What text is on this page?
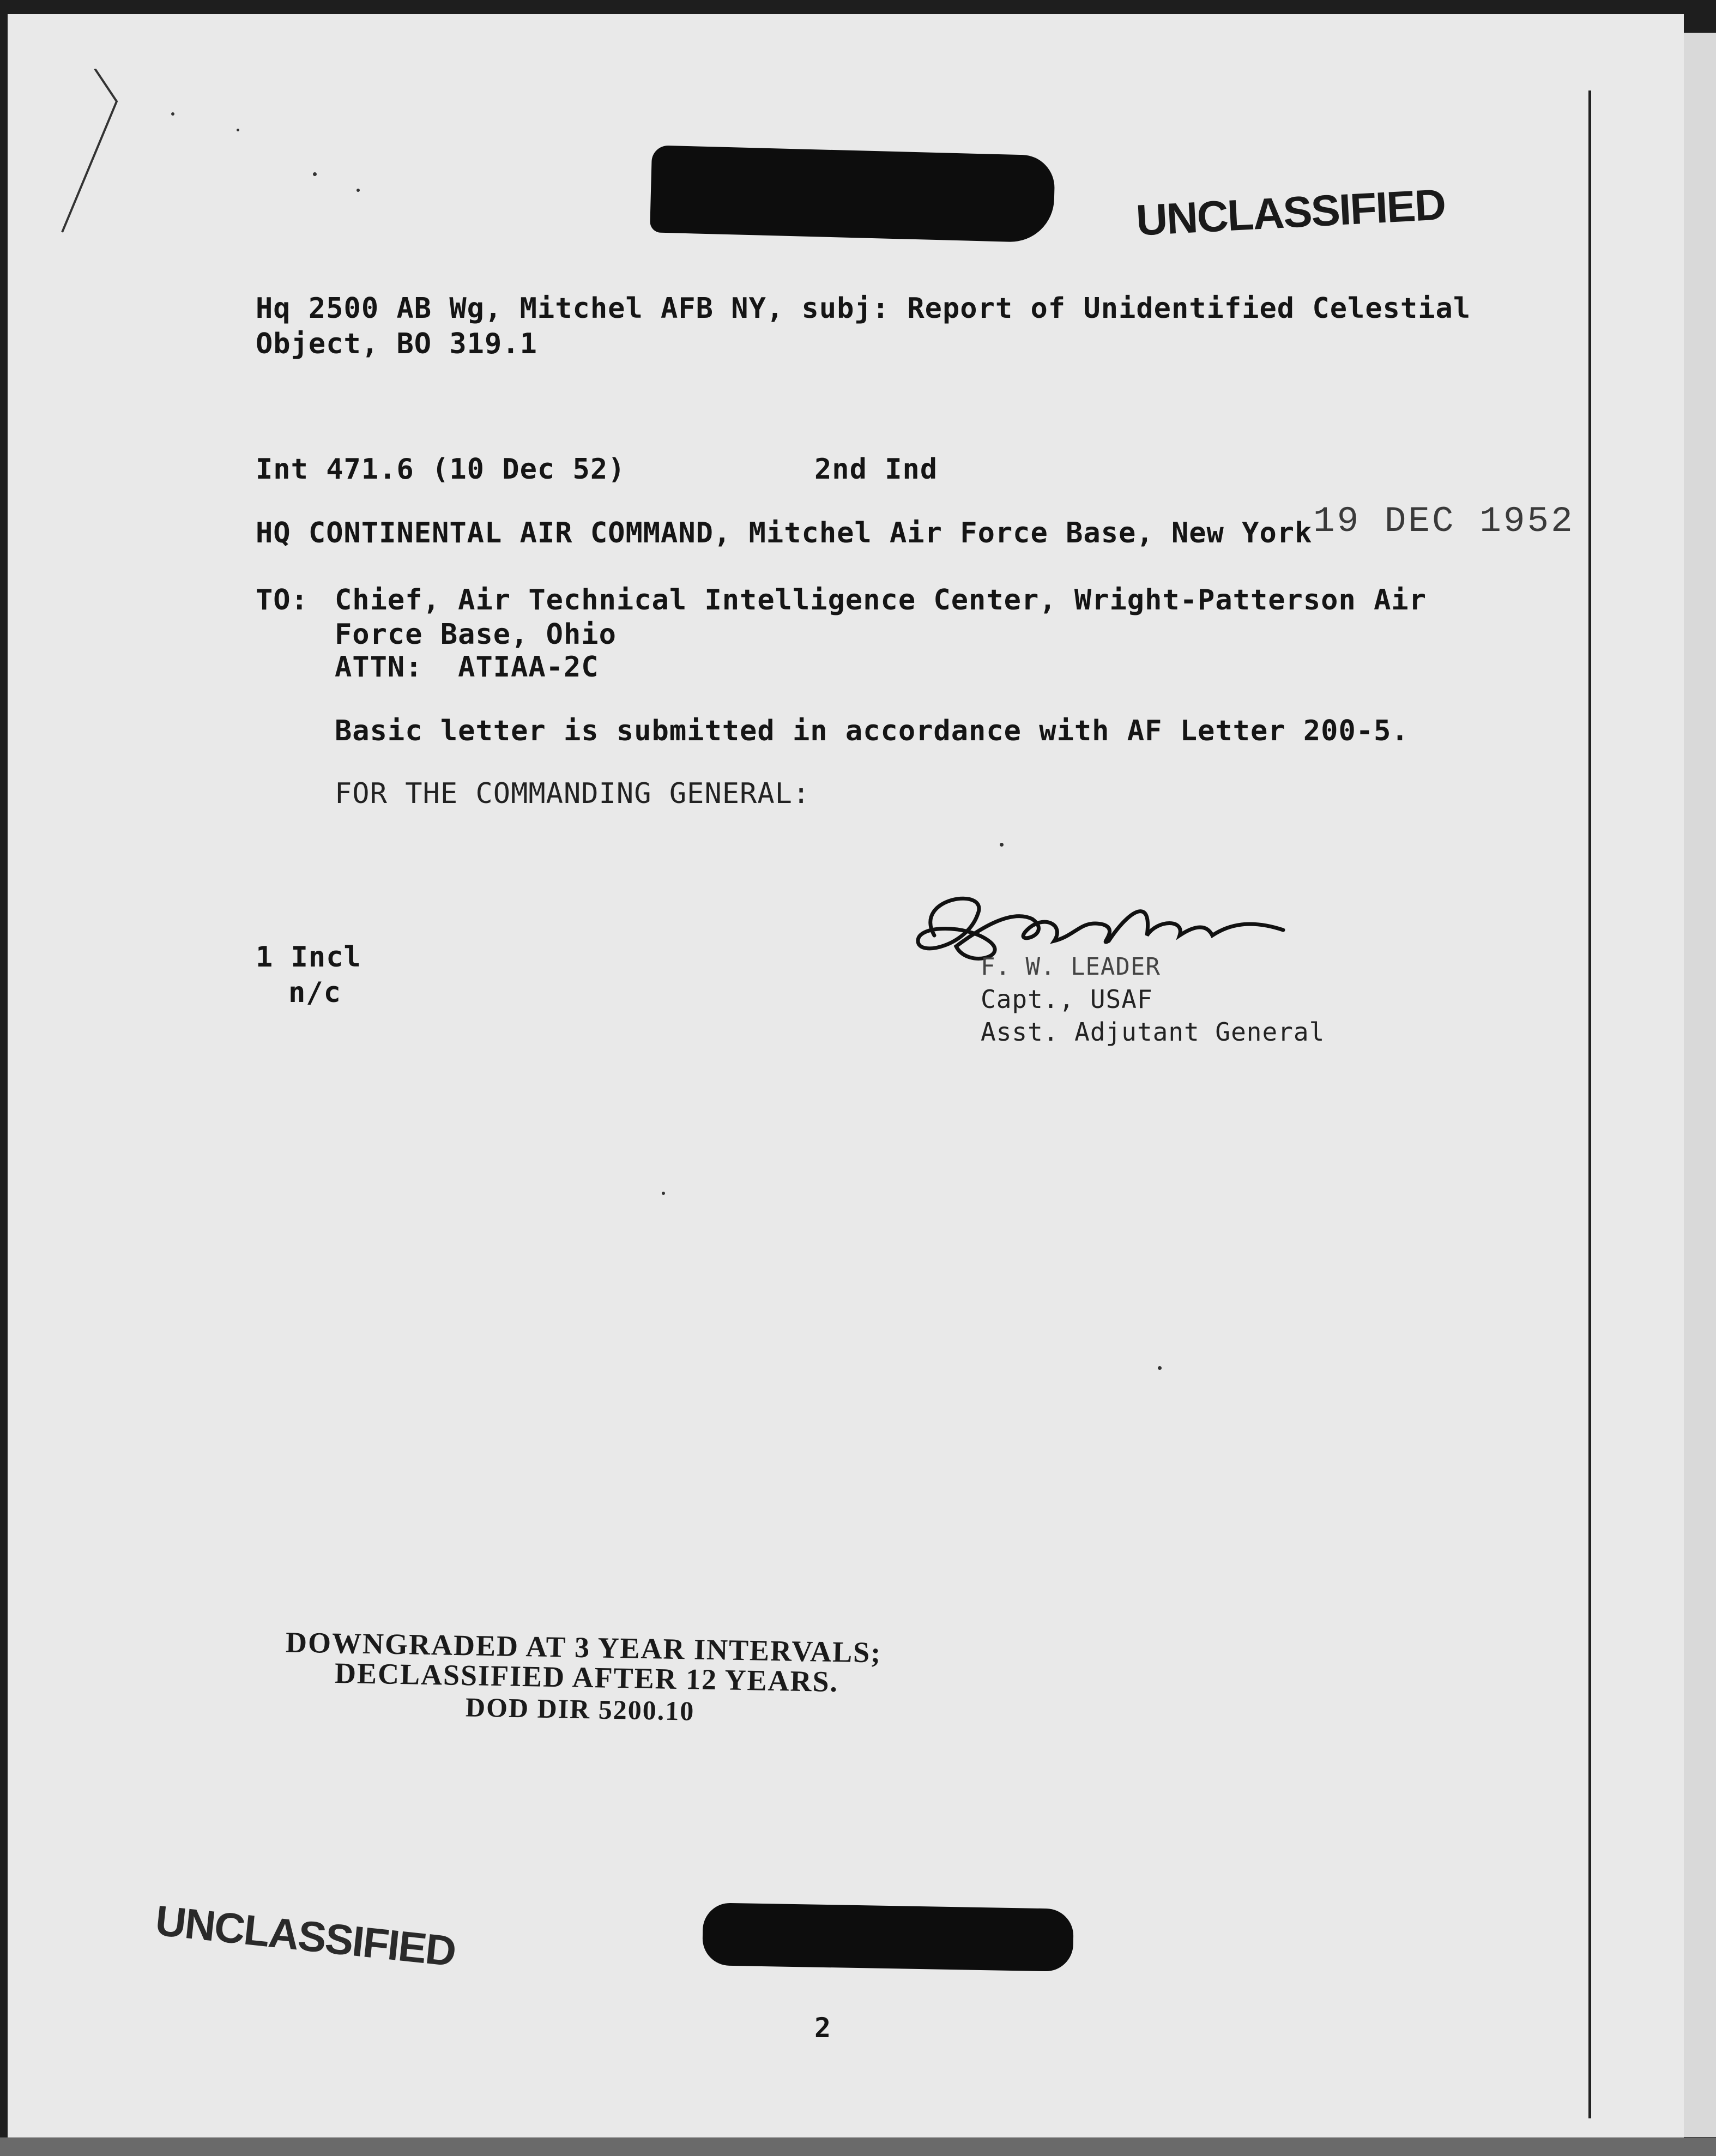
UNCLASSIFIED
Hq 2500 AB Wg, Mitchel AFB NY, subj: Report of Unidentified Celestial
Object, BO 319.1
Int 471.6 (10 Dec 52)	2nd Ind
HQ CONTINENTAL AIR COMMAND, Mitchel Air Force Base, New York 19 DEC 1952
TO: Chief, Air Technical Intelligence Center, Wright-Patterson Air
Force Base, Ohio
ATTN:  ATIAA-2C
Basic letter is submitted in accordance with AF Letter 200-5.
FOR THE COMMANDING GENERAL:
1 Incl
n/c
F. W. LEADER
Capt., USAF
Asst. Adjutant General
DOWNGRADED AT 3 YEAR INTERVALS;
DECLASSIFIED AFTER 12 YEARS.
DOD DIR 5200.10
UNCLASSIFIED
2
